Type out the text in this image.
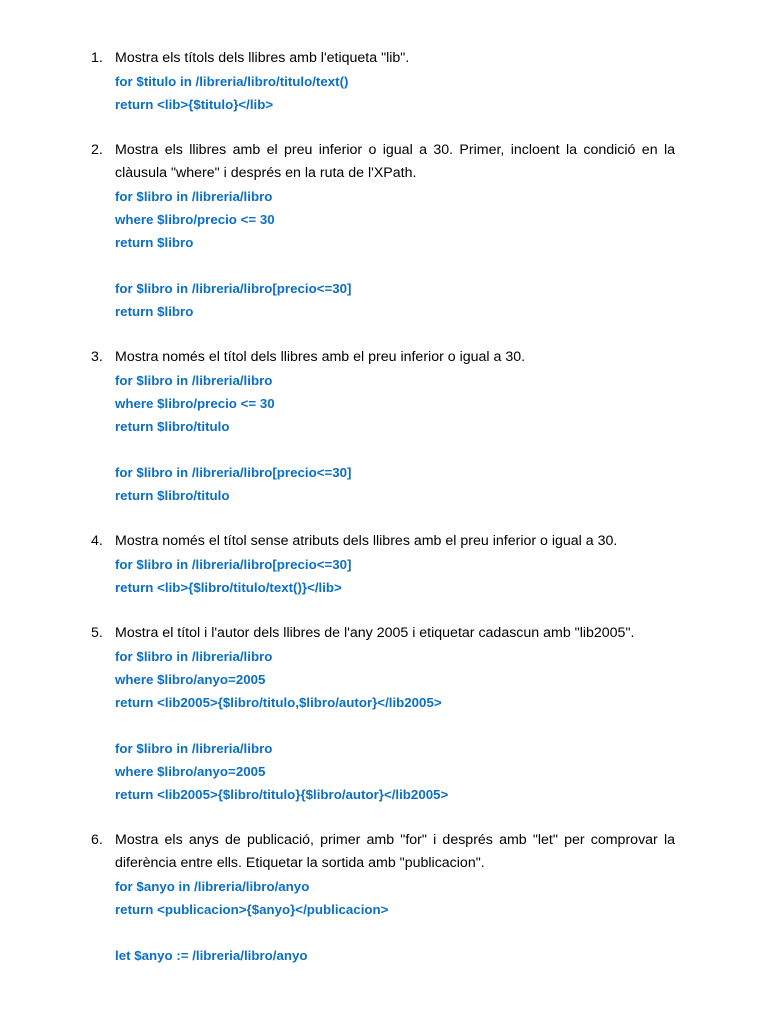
1. Mostra els títols dels llibres amb l'etiqueta "lib".

for $titulo in /libreria/libro/titulo/text()
return <lib>{$titulo}</lib>
2. Mostra els llibres amb el preu inferior o igual a 30. Primer, incloent la condició en la clàusula "where" i després en la ruta de l'XPath.

for $libro in /libreria/libro
where $libro/precio <= 30
return $libro
for $libro in /libreria/libro[precio<=30]
return $libro
3. Mostra només el títol dels llibres amb el preu inferior o igual a 30.

for $libro in /libreria/libro
where $libro/precio <= 30
return $libro/titulo
for $libro in /libreria/libro[precio<=30]
return $libro/titulo
4. Mostra només el títol sense atributs dels llibres amb el preu inferior o igual a 30.

for $libro in /libreria/libro[precio<=30]
return <lib>{$libro/titulo/text()}</lib>
5. Mostra el títol i l'autor dels llibres de l'any 2005 i etiquetar cadascun amb "lib2005".

for $libro in /libreria/libro
where $libro/anyo=2005
return <lib2005>{$libro/titulo,$libro/autor}</lib2005>
for $libro in /libreria/libro
where $libro/anyo=2005
return <lib2005>{$libro/titulo}{$libro/autor}</lib2005>
6. Mostra els anys de publicació, primer amb "for" i després amb "let" per comprovar la diferència entre ells. Etiquetar la sortida amb "publicacion".

for $anyo in /libreria/libro/anyo
return <publicacion>{$anyo}</publicacion>
let $anyo := /libreria/libro/anyo
